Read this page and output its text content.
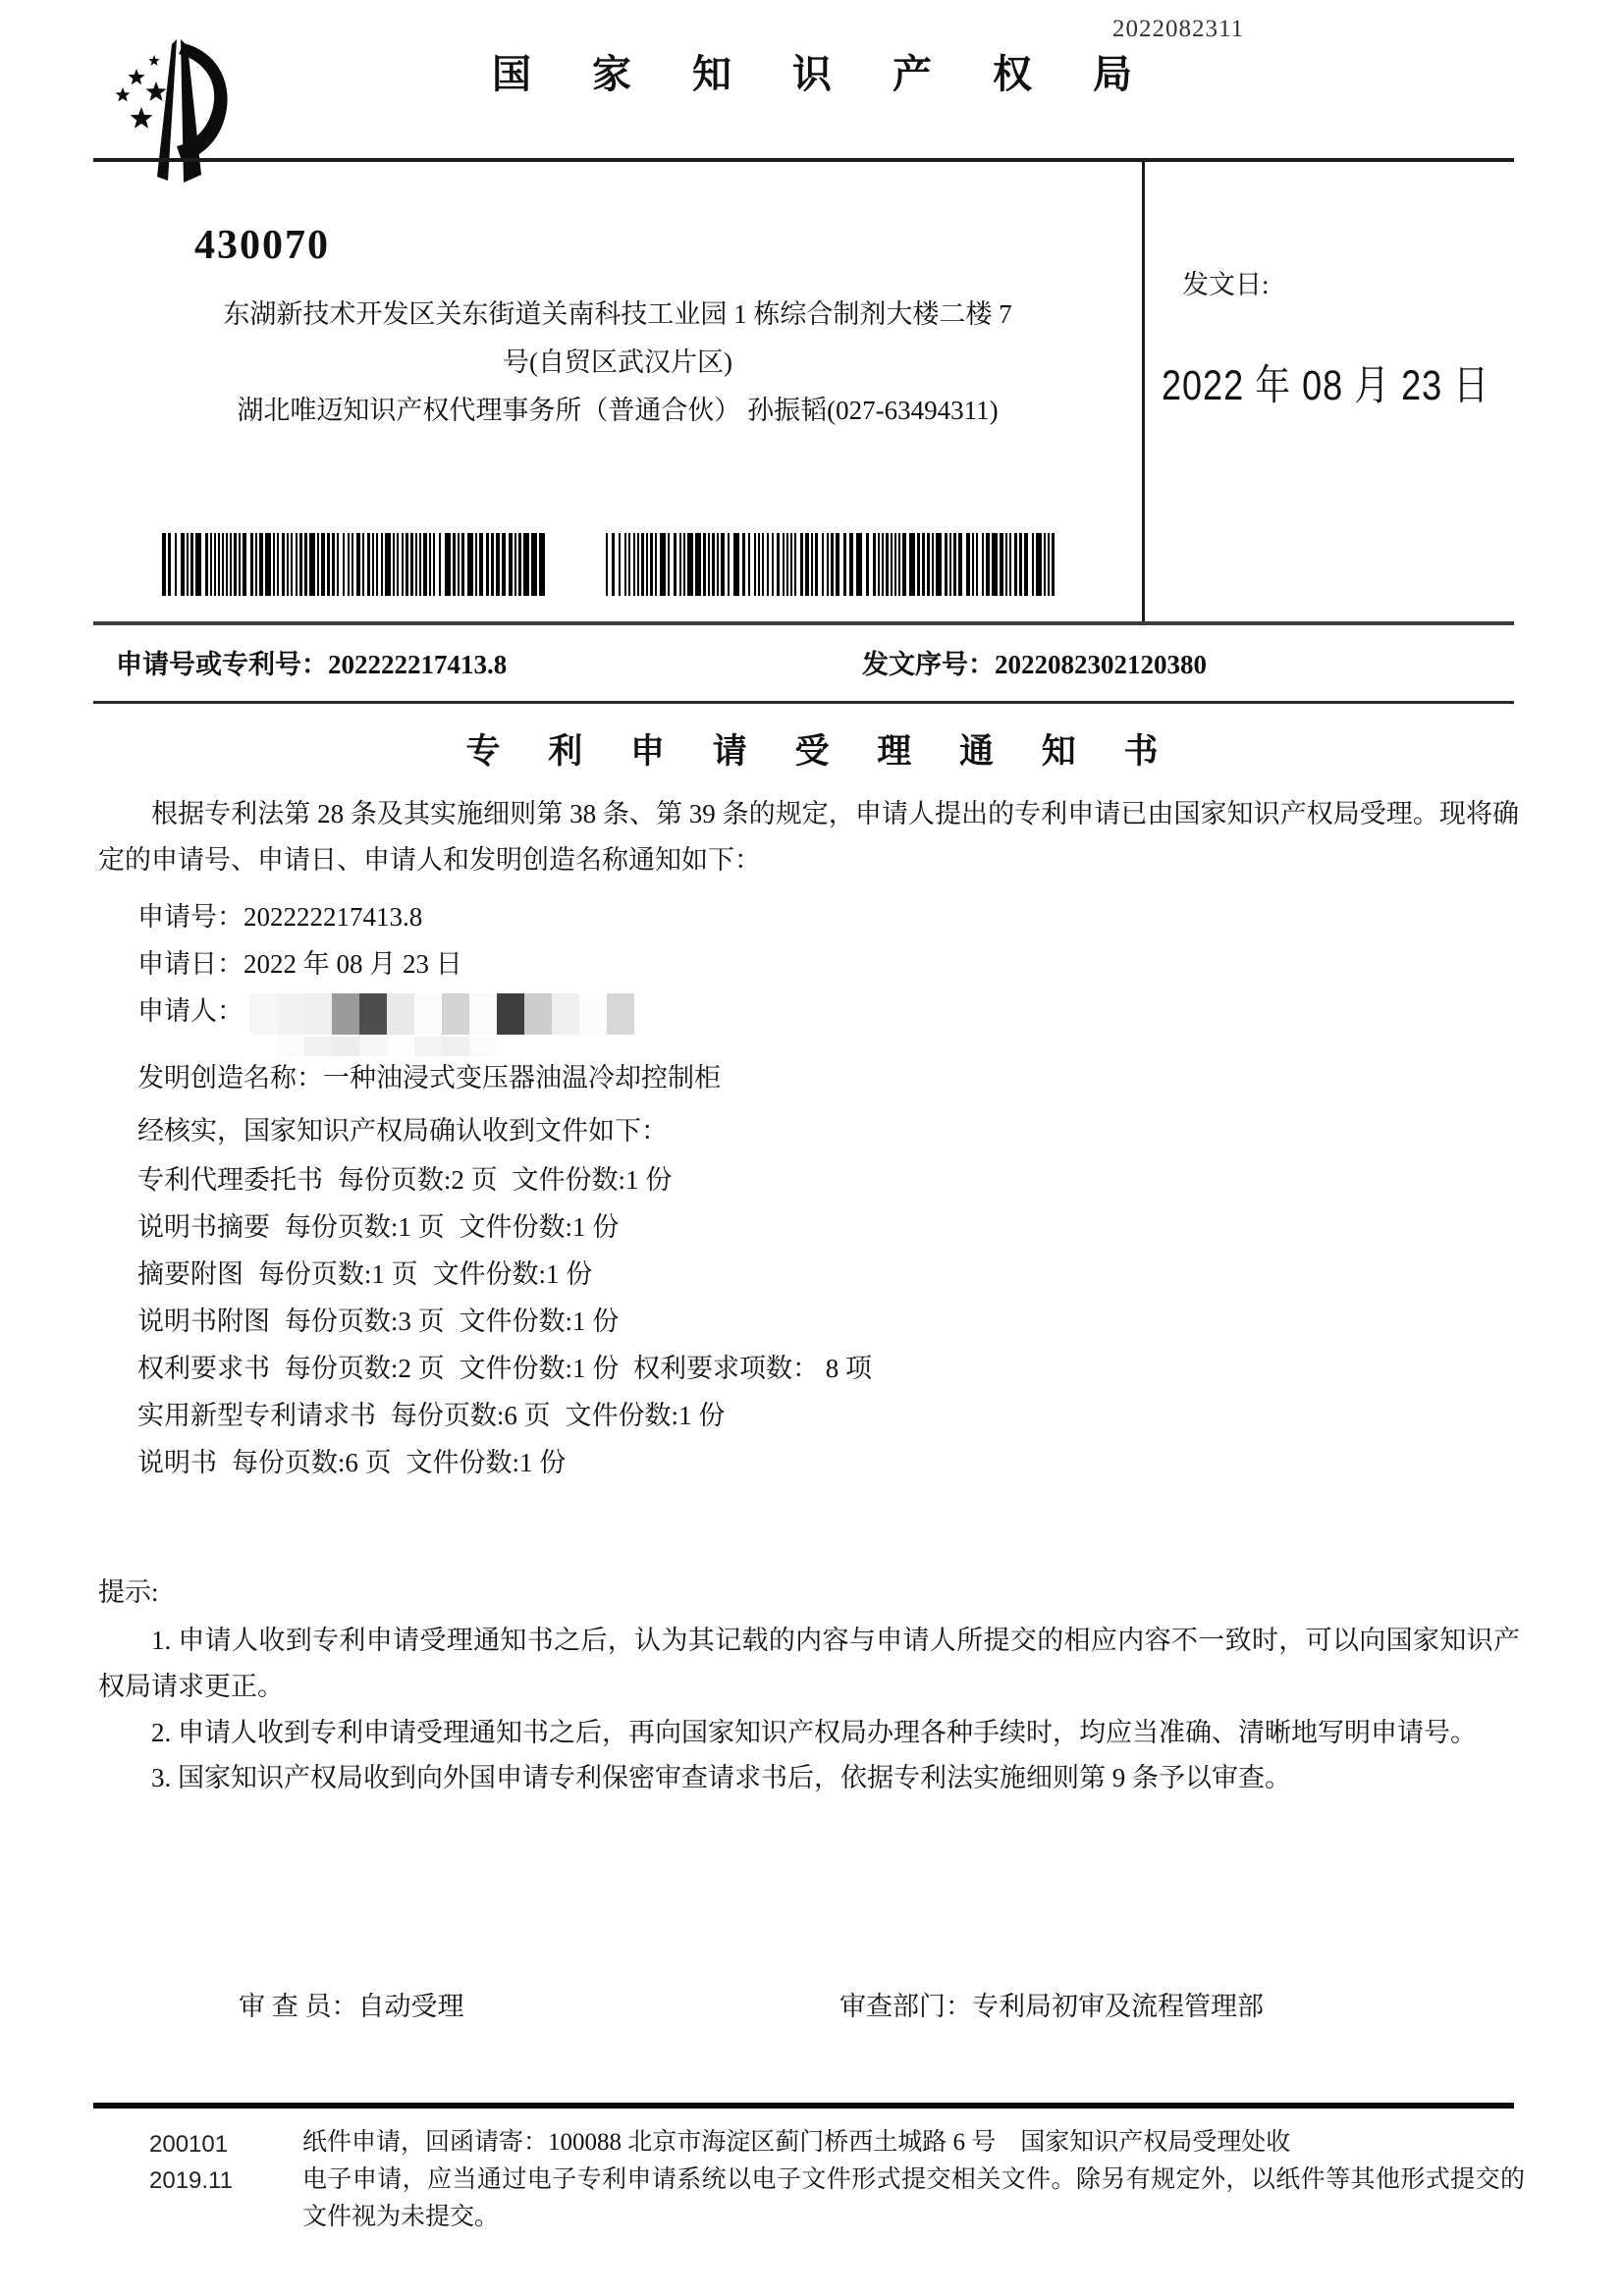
2022082311
国 家 知 识 产 权 局
430070
东湖新技术开发区关东街道关南科技工业园 1 栋综合制剂大楼二楼 7
号(自贸区武汉片区)
湖北唯迈知识产权代理事务所（普通合伙） 孙振韬(027-63494311)
发文日:
2022 年 08 月 23 日
申请号或专利号：202222217413.8	发文序号：2022082302120380
专 利 申 请 受 理 通 知 书
根据专利法第 28 条及其实施细则第 38 条、第 39 条的规定，申请人提出的专利申请已由国家知识产权局受理。现将确定的申请号、申请日、申请人和发明创造名称通知如下：
申请号：202222217413.8
申请日：2022 年 08 月 23 日
申请人：
发明创造名称：一种油浸式变压器油温冷却控制柜
经核实，国家知识产权局确认收到文件如下：
专利代理委托书 每份页数:2 页 文件份数:1 份
说明书摘要 每份页数:1 页 文件份数:1 份
摘要附图 每份页数:1 页 文件份数:1 份
说明书附图 每份页数:3 页 文件份数:1 份
权利要求书 每份页数:2 页 文件份数:1 份 权利要求项数： 8 项
实用新型专利请求书 每份页数:6 页 文件份数:1 份
说明书 每份页数:6 页 文件份数:1 份
提示:
1. 申请人收到专利申请受理通知书之后，认为其记载的内容与申请人所提交的相应内容不一致时，可以向国家知识产权局请求更正。
2. 申请人收到专利申请受理通知书之后，再向国家知识产权局办理各种手续时，均应当准确、清晰地写明申请号。
3. 国家知识产权局收到向外国申请专利保密审查请求书后，依据专利法实施细则第 9 条予以审查。
审 查 员：自动受理	审查部门：专利局初审及流程管理部
200101
2019.11
纸件申请，回函请寄：100088 北京市海淀区蓟门桥西土城路 6 号　国家知识产权局受理处收
电子申请，应当通过电子专利申请系统以电子文件形式提交相关文件。除另有规定外，以纸件等其他形式提交的文件视为未提交。
